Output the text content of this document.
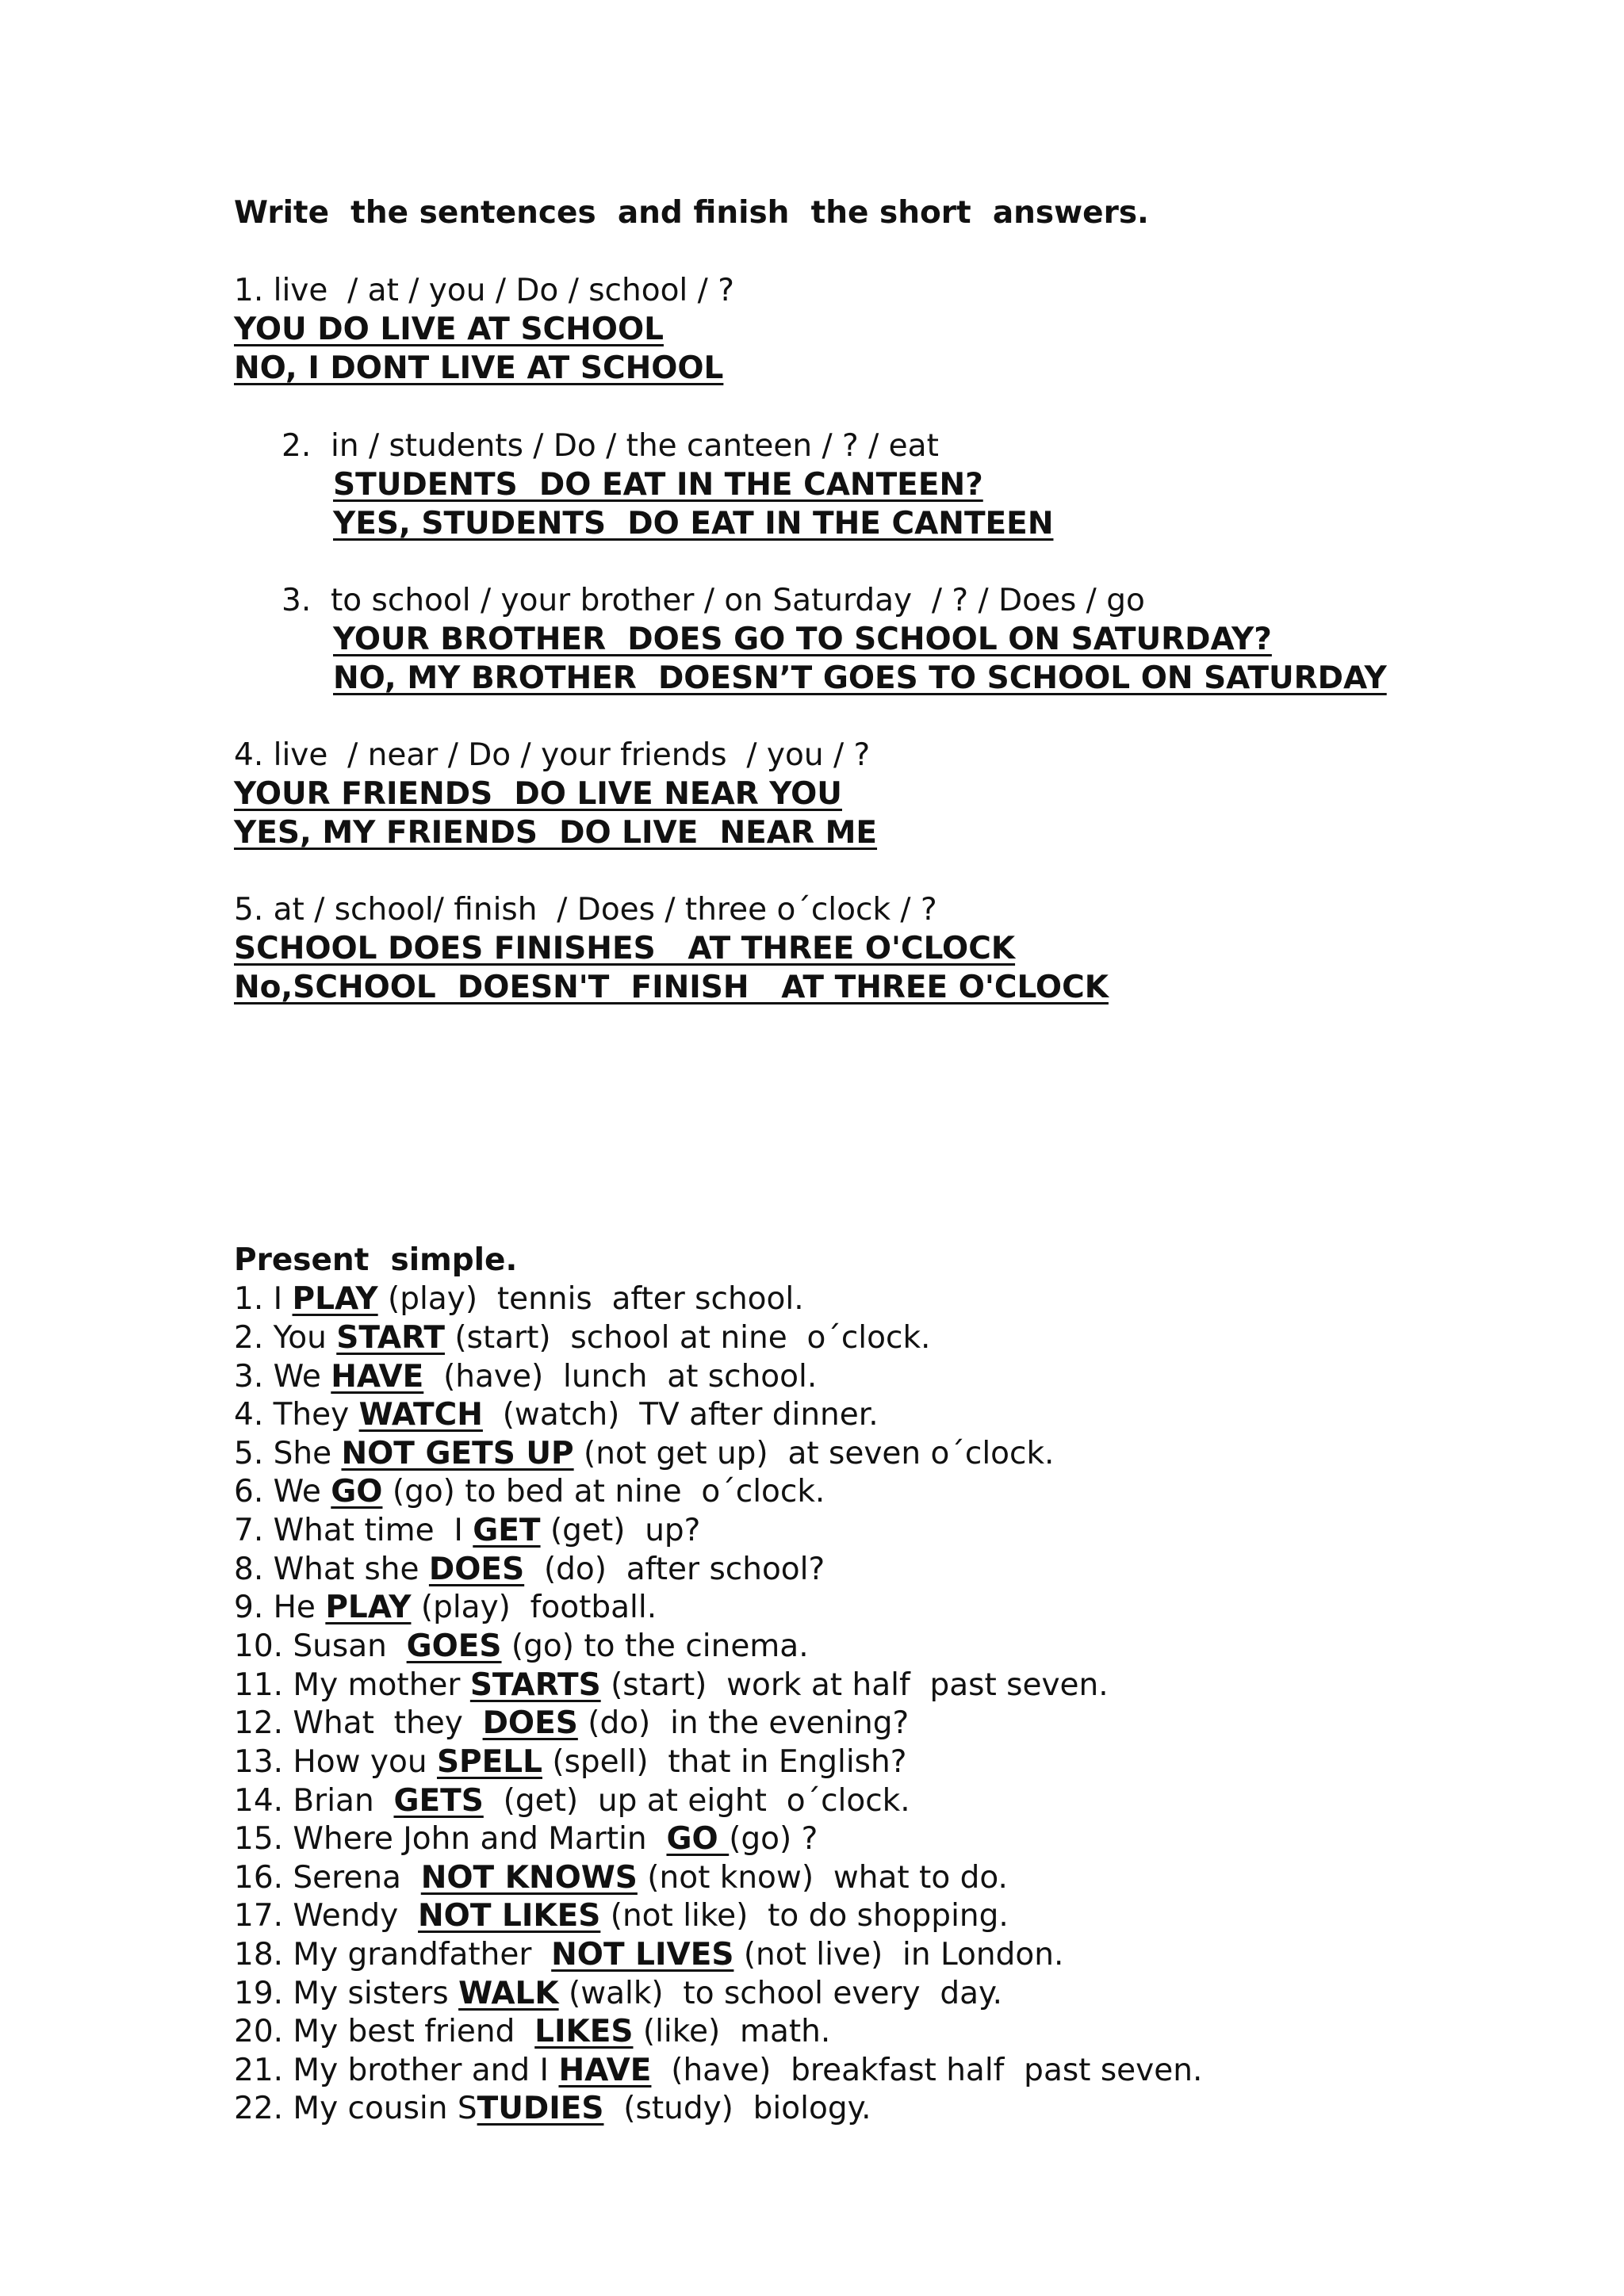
Write  the sentences  and finish  the short  answers.
1. live  / at / you / Do / school / ?
YOU DO LIVE AT SCHOOL
NO, I DONT LIVE AT SCHOOL
2.  in / students / Do / the canteen / ? / eat
STUDENTS  DO EAT IN THE CANTEEN?
YES, STUDENTS  DO EAT IN THE CANTEEN
3.  to school / your brother / on Saturday  / ? / Does / go
YOUR BROTHER  DOES GO TO SCHOOL ON SATURDAY?
NO, MY BROTHER  DOESN’T GOES TO SCHOOL ON SATURDAY
4. live  / near / Do / your friends  / you / ?
YOUR FRIENDS  DO LIVE NEAR YOU
YES, MY FRIENDS  DO LIVE  NEAR ME
5. at / school/ finish  / Does / three o´clock / ?
SCHOOL DOES FINISHES   AT THREE O'CLOCK
No,SCHOOL  DOESN'T  FINISH   AT THREE O'CLOCK
Present  simple.
1. I PLAY (play)  tennis  after school.
2. You START (start)  school at nine  o´clock.
3. We HAVE  (have)  lunch  at school.
4. They WATCH  (watch)  TV after dinner.
5. She NOT GETS UP (not get up)  at seven o´clock.
6. We GO (go) to bed at nine  o´clock.
7. What time  I GET (get)  up?
8. What she DOES  (do)  after school?
9. He PLAY (play)  football.
10. Susan  GOES (go) to the cinema.
11. My mother STARTS (start)  work at half  past seven.
12. What  they  DOES (do)  in the evening?
13. How you SPELL (spell)  that in English?
14. Brian  GETS  (get)  up at eight  o´clock.
15. Where John and Martin  GO (go) ?
16. Serena  NOT KNOWS (not know)  what to do.
17. Wendy  NOT LIKES (not like)  to do shopping.
18. My grandfather  NOT LIVES (not live)  in London.
19. My sisters WALK (walk)  to school every  day.
20. My best friend  LIKES (like)  math.
21. My brother and I HAVE  (have)  breakfast half  past seven.
22. My cousin STUDIES  (study)  biology.
